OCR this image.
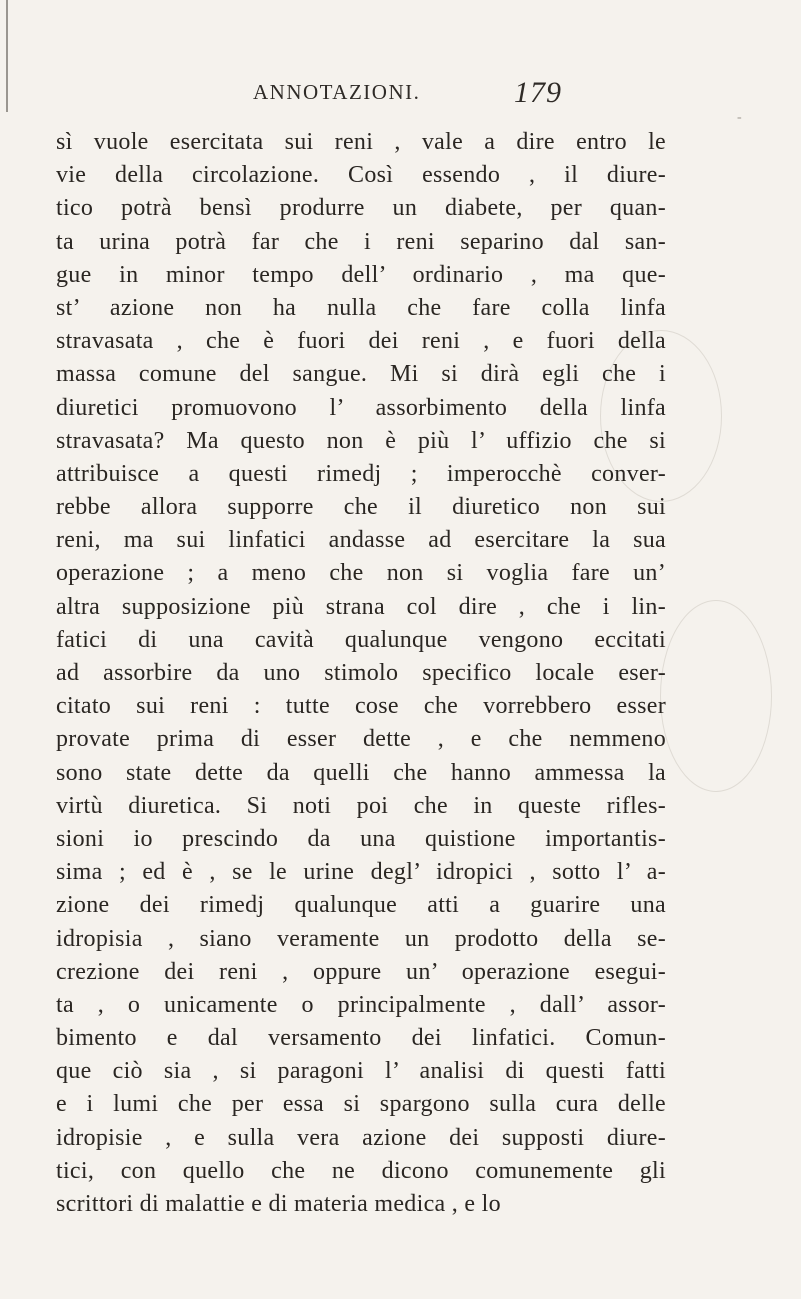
ANNOTAZIONI.	179
-
sì vuole esercitata sui reni , vale a dire entro le
vie della circolazione. Così essendo , il diure-
tico potrà bensì produrre un diabete, per quan-
ta urina potrà far che i reni separino dal san-
gue in minor tempo dell’ ordinario , ma que-
st’ azione non ha nulla che fare colla linfa
stravasata , che è fuori dei reni , e fuori della
massa comune del sangue. Mi si dirà egli che i
diuretici promuovono l’ assorbimento della linfa
stravasata? Ma questo non è più l’ uffizio che si
attribuisce a questi rimedj ; imperocchè conver-
rebbe allora supporre che il diuretico non sui
reni, ma sui linfatici andasse ad esercitare la sua
operazione ; a meno che non si voglia fare un’
altra supposizione più strana col dire , che i lin-
fatici di una cavità qualunque vengono eccitati
ad assorbire da uno stimolo specifico locale eser-
citato sui reni : tutte cose che vorrebbero esser
provate prima di esser dette , e che nemmeno
sono state dette da quelli che hanno ammessa la
virtù diuretica. Si noti poi che in queste rifles-
sioni io prescindo da una quistione importantis-
sima ; ed è , se le urine degl’ idropici , sotto l’ a-
zione dei rimedj qualunque atti a guarire una
idropisia , siano veramente un prodotto della se-
crezione dei reni , oppure un’ operazione esegui-
ta , o unicamente o principalmente , dall’ assor-
bimento e dal versamento dei linfatici. Comun-
que ciò sia , si paragoni l’ analisi di questi fatti
e i lumi che per essa si spargono sulla cura delle
idropisie , e sulla vera azione dei supposti diure-
tici, con quello che ne dicono comunemente gli
scrittori di malattie e di materia medica , e lo
